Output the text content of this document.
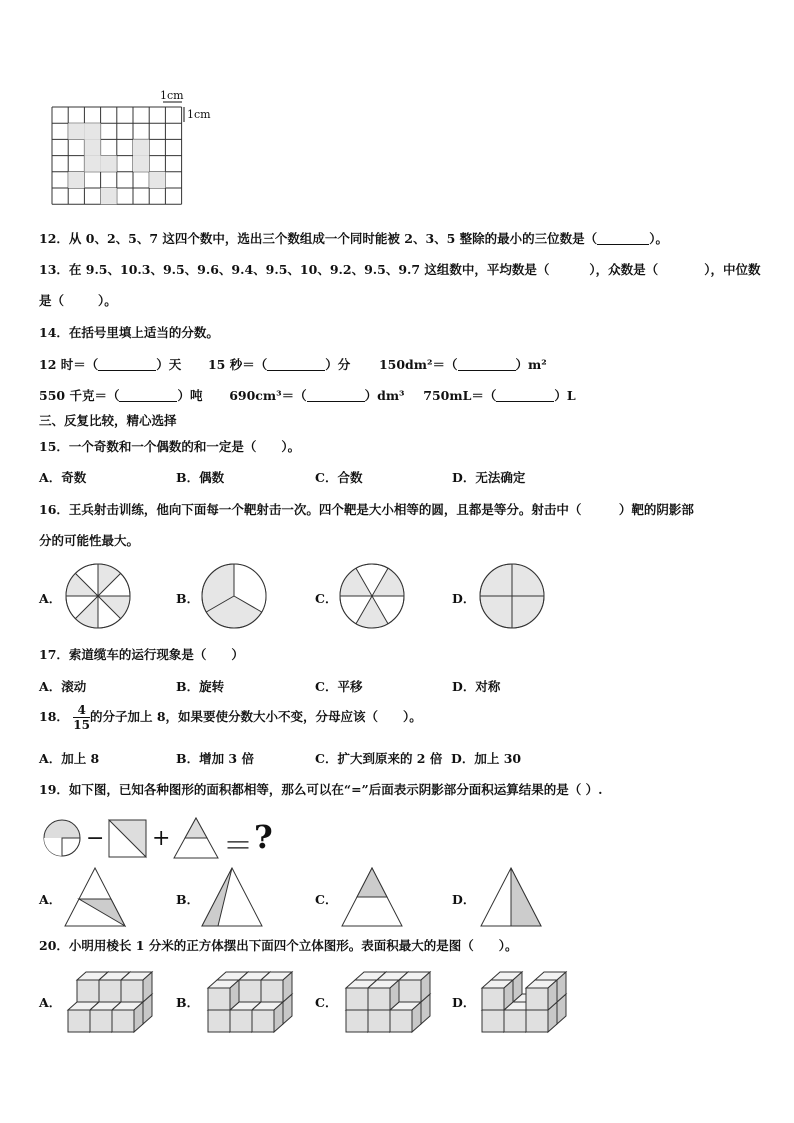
1cm
1cm
12．从 0、2、5、7 这四个数中，选出三个数组成一个同时能被 2、3、5 整除的最小的三位数是（	）。
13．在 9.5、10.3、9.5、9.6、9.4、9.5、10、9.2、9.5、9.7 这组数中，平均数是（	），众数是（	），中位数
是（	）。
14．在括号里填上适当的分数。
12 时＝（	）天 15 秒＝（	）分 150dm²＝（	）m²
550 千克＝（	）吨 690cm³＝（	）dm³ 750mL＝（	）L
三、反复比较，精心选择
15．一个奇数和一个偶数的和一定是（　　）。
A．奇数	B．偶数	C．合数	D．无法确定
16．王兵射击训练，他向下面每一个靶射击一次。四个靶是大小相等的圆，且都是等分。射击中（　　　）靶的阴影部
分的可能性最大。
A．	B．	C．	D．
17．索道缆车的运行现象是（　　）
A．滚动	B．旋转	C．平移	D．对称
18． $\frac{4}{15}$ 的分子加上 8，如果要使分数大小不变，分母应该（　　）。
A．加上 8	B．增加 3 倍	C．扩大到原来的 2 倍 D．加上 30
19．如下图，已知各种图形的面积都相等，那么可以在“=”后面表示阴影部分面积运算结果的是（ ）.
− + ＝ ?
A．	B．	C．	D．
20．小明用棱长 1 分米的正方体摆出下面四个立体图形。表面积最大的是图（　　）。
A．	B．	C．	D．
